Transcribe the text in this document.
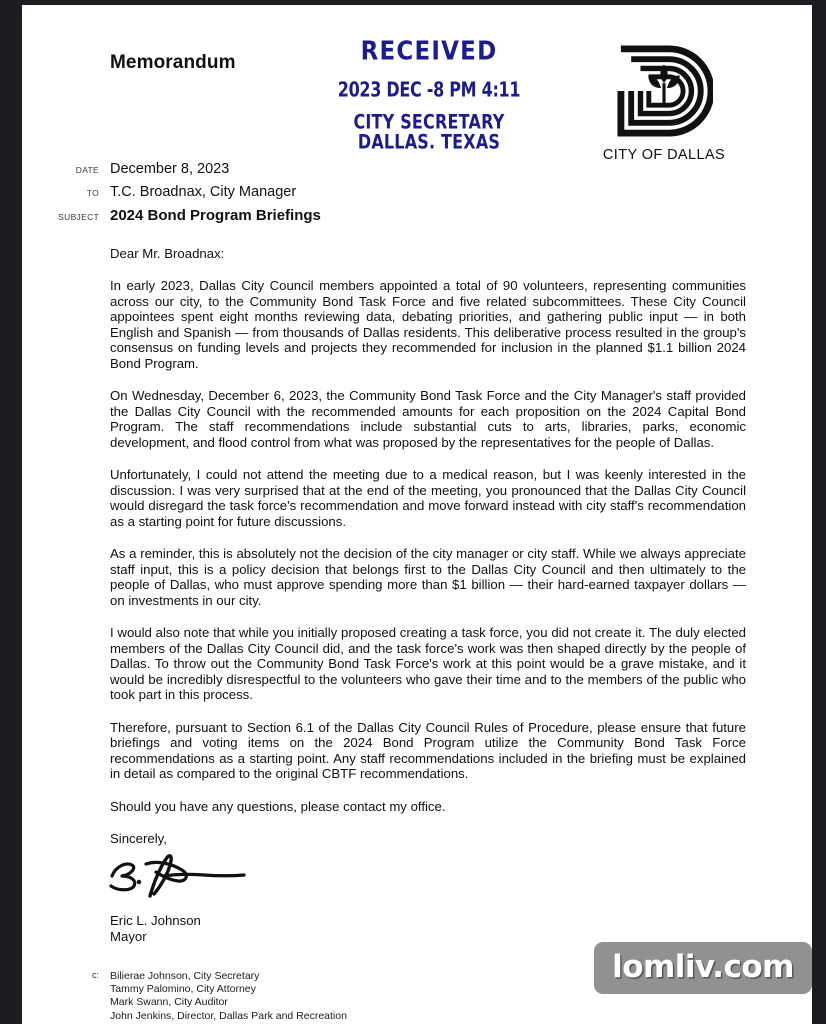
Memorandum	RECEIVED
2023 DEC -8 PM 4:11
CITY SECRETARY
DALLAS. TEXAS
CITY OF DALLAS
DATE December 8, 2023
TO T.C. Broadnax, City Manager
SUBJECT 2024 Bond Program Briefings
Dear Mr. Broadnax:

In early 2023, Dallas City Council members appointed a total of 90 volunteers, representing communities across our city, to the Community Bond Task Force and five related subcommittees. These City Council appointees spent eight months reviewing data, debating priorities, and gathering public input — in both English and Spanish — from thousands of Dallas residents. This deliberative process resulted in the group's consensus on funding levels and projects they recommended for inclusion in the planned $1.1 billion 2024 Bond Program.

On Wednesday, December 6, 2023, the Community Bond Task Force and the City Manager's staff provided the Dallas City Council with the recommended amounts for each proposition on the 2024 Capital Bond Program. The staff recommendations include substantial cuts to arts, libraries, parks, economic development, and flood control from what was proposed by the representatives for the people of Dallas.

Unfortunately, I could not attend the meeting due to a medical reason, but I was keenly interested in the discussion. I was very surprised that at the end of the meeting, you pronounced that the Dallas City Council would disregard the task force's recommendation and move forward instead with city staff's recommendation as a starting point for future discussions.

As a reminder, this is absolutely not the decision of the city manager or city staff. While we always appreciate staff input, this is a policy decision that belongs first to the Dallas City Council and then ultimately to the people of Dallas, who must approve spending more than $1 billion — their hard-earned taxpayer dollars — on investments in our city.

I would also note that while you initially proposed creating a task force, you did not create it. The duly elected members of the Dallas City Council did, and the task force's work was then shaped directly by the people of Dallas. To throw out the Community Bond Task Force's work at this point would be a grave mistake, and it would be incredibly disrespectful to the volunteers who gave their time and to the members of the public who took part in this process.

Therefore, pursuant to Section 6.1 of the Dallas City Council Rules of Procedure, please ensure that future briefings and voting items on the 2024 Bond Program utilize the Community Bond Task Force recommendations as a starting point. Any staff recommendations included in the briefing must be explained in detail as compared to the original CBTF recommendations.

Should you have any questions, please contact my office.

Sincerely,
Eric L. Johnson
Mayor
c:	Bilierae Johnson, City Secretary
Tammy Palomino, City Attorney
Mark Swann, City Auditor
John Jenkins, Director, Dallas Park and Recreation
lomliv.com
